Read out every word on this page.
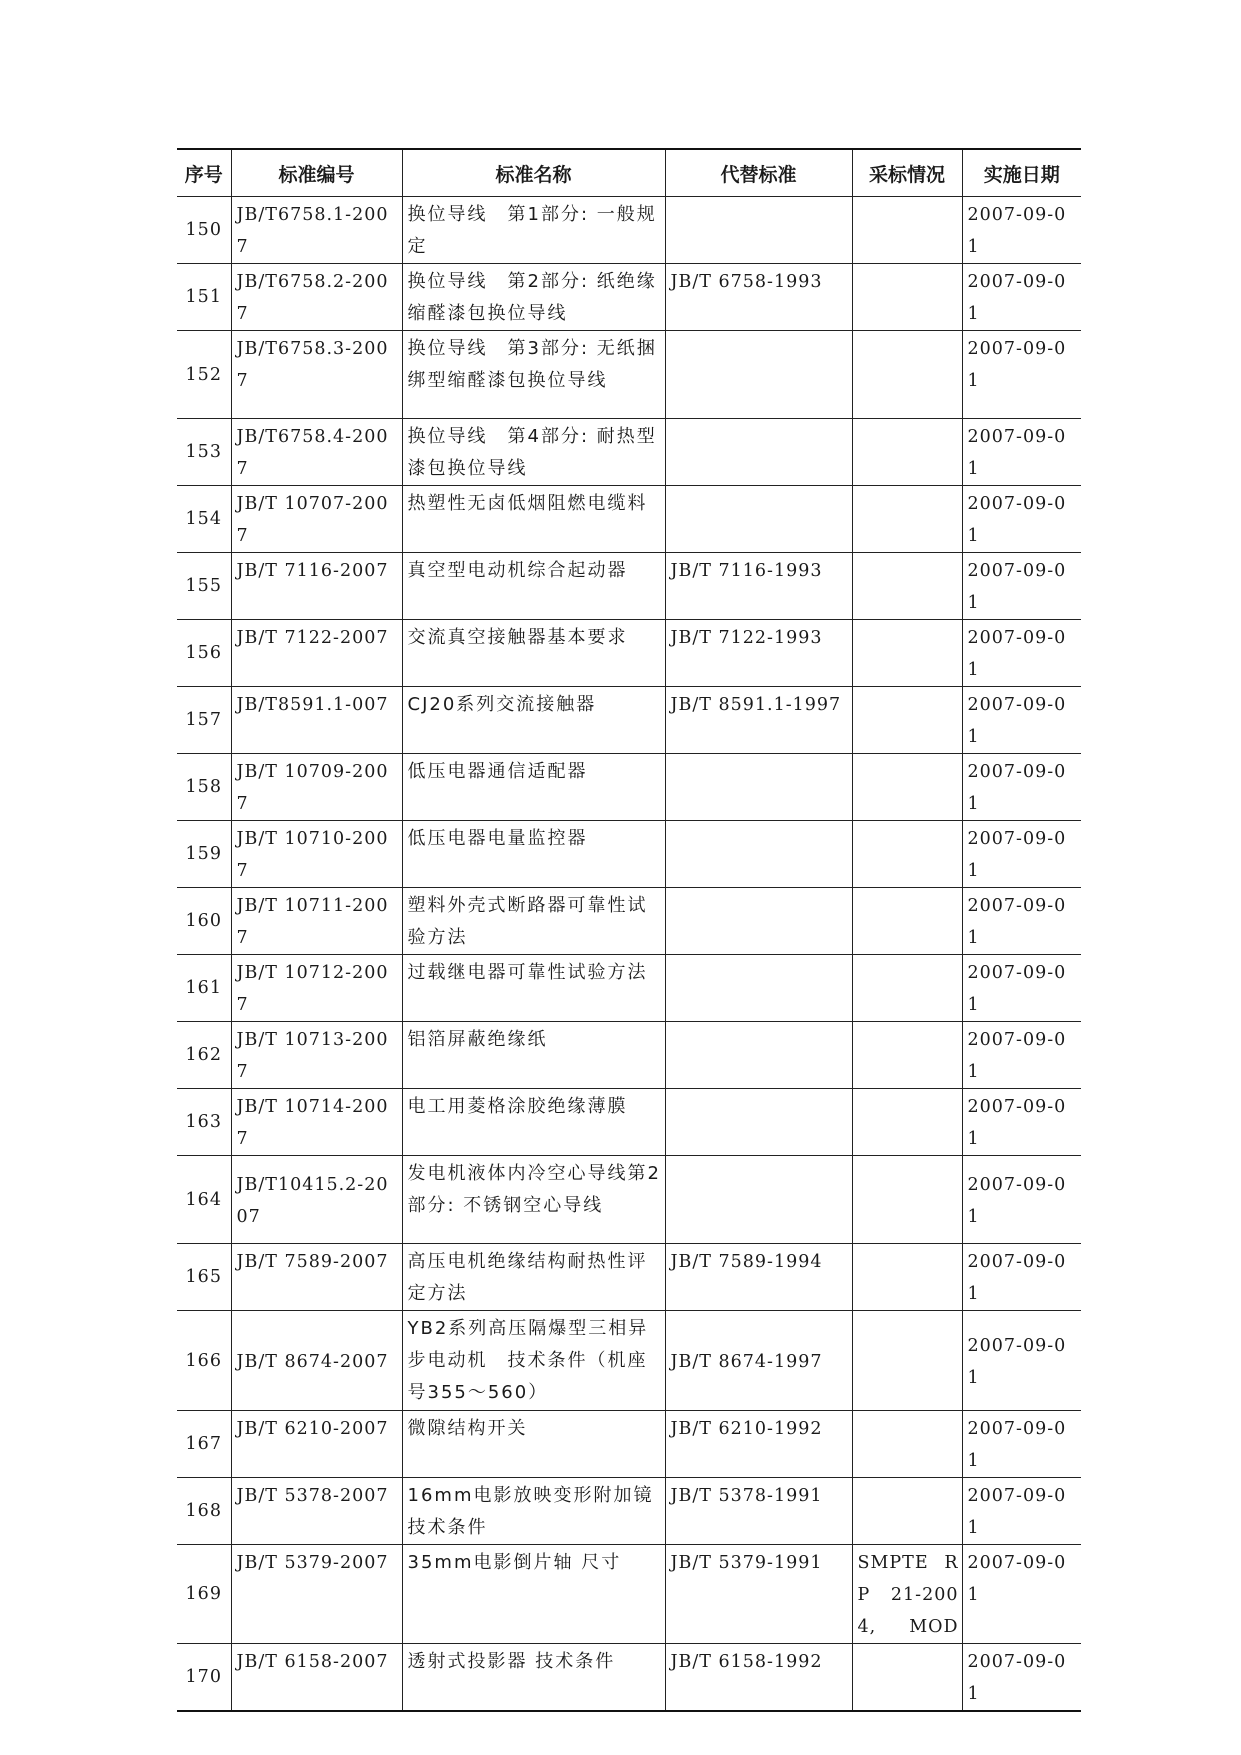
序号	标准编号	标准名称	代替标准	采标情况	实施日期
150	JB/T6758.1-2007	换位导线　第1部分: 一般规定			2007-09-01
151	JB/T6758.2-2007	换位导线　第2部分: 纸绝缘缩醛漆包换位导线	JB/T 6758-1993		2007-09-01
152	JB/T6758.3-2007	换位导线　第3部分: 无纸捆绑型缩醛漆包换位导线			2007-09-01
153	JB/T6758.4-2007	换位导线　第4部分: 耐热型漆包换位导线			2007-09-01
154	JB/T 10707-2007	热塑性无卤低烟阻燃电缆料			2007-09-01
155	JB/T 7116-2007	真空型电动机综合起动器	JB/T 7116-1993		2007-09-01
156	JB/T 7122-2007	交流真空接触器基本要求	JB/T 7122-1993		2007-09-01
157	JB/T8591.1-007	CJ20系列交流接触器	JB/T 8591.1-1997		2007-09-01
158	JB/T 10709-2007	低压电器通信适配器			2007-09-01
159	JB/T 10710-2007	低压电器电量监控器			2007-09-01
160	JB/T 10711-2007	塑料外壳式断路器可靠性试验方法			2007-09-01
161	JB/T 10712-2007	过载继电器可靠性试验方法			2007-09-01
162	JB/T 10713-2007	铝箔屏蔽绝缘纸			2007-09-01
163	JB/T 10714-2007	电工用菱格涂胶绝缘薄膜			2007-09-01
164	JB/T10415.2-2007	发电机液体内冷空心导线第2部分: 不锈钢空心导线			2007-09-01
165	JB/T 7589-2007	高压电机绝缘结构耐热性评定方法	JB/T 7589-1994		2007-09-01
166	JB/T 8674-2007	YB2系列高压隔爆型三相异步电动机　技术条件（机座号355～560）	JB/T 8674-1997		2007-09-01
167	JB/T 6210-2007	微隙结构开关	JB/T 6210-1992		2007-09-01
168	JB/T 5378-2007	16mm电影放映变形附加镜技术条件	JB/T 5378-1991		2007-09-01
169	JB/T 5379-2007	35mm电影倒片轴 尺寸	JB/T 5379-1991	SMPTE RP 21-2004, MOD	2007-09-01
170	JB/T 6158-2007	透射式投影器 技术条件	JB/T 6158-1992		2007-09-01
